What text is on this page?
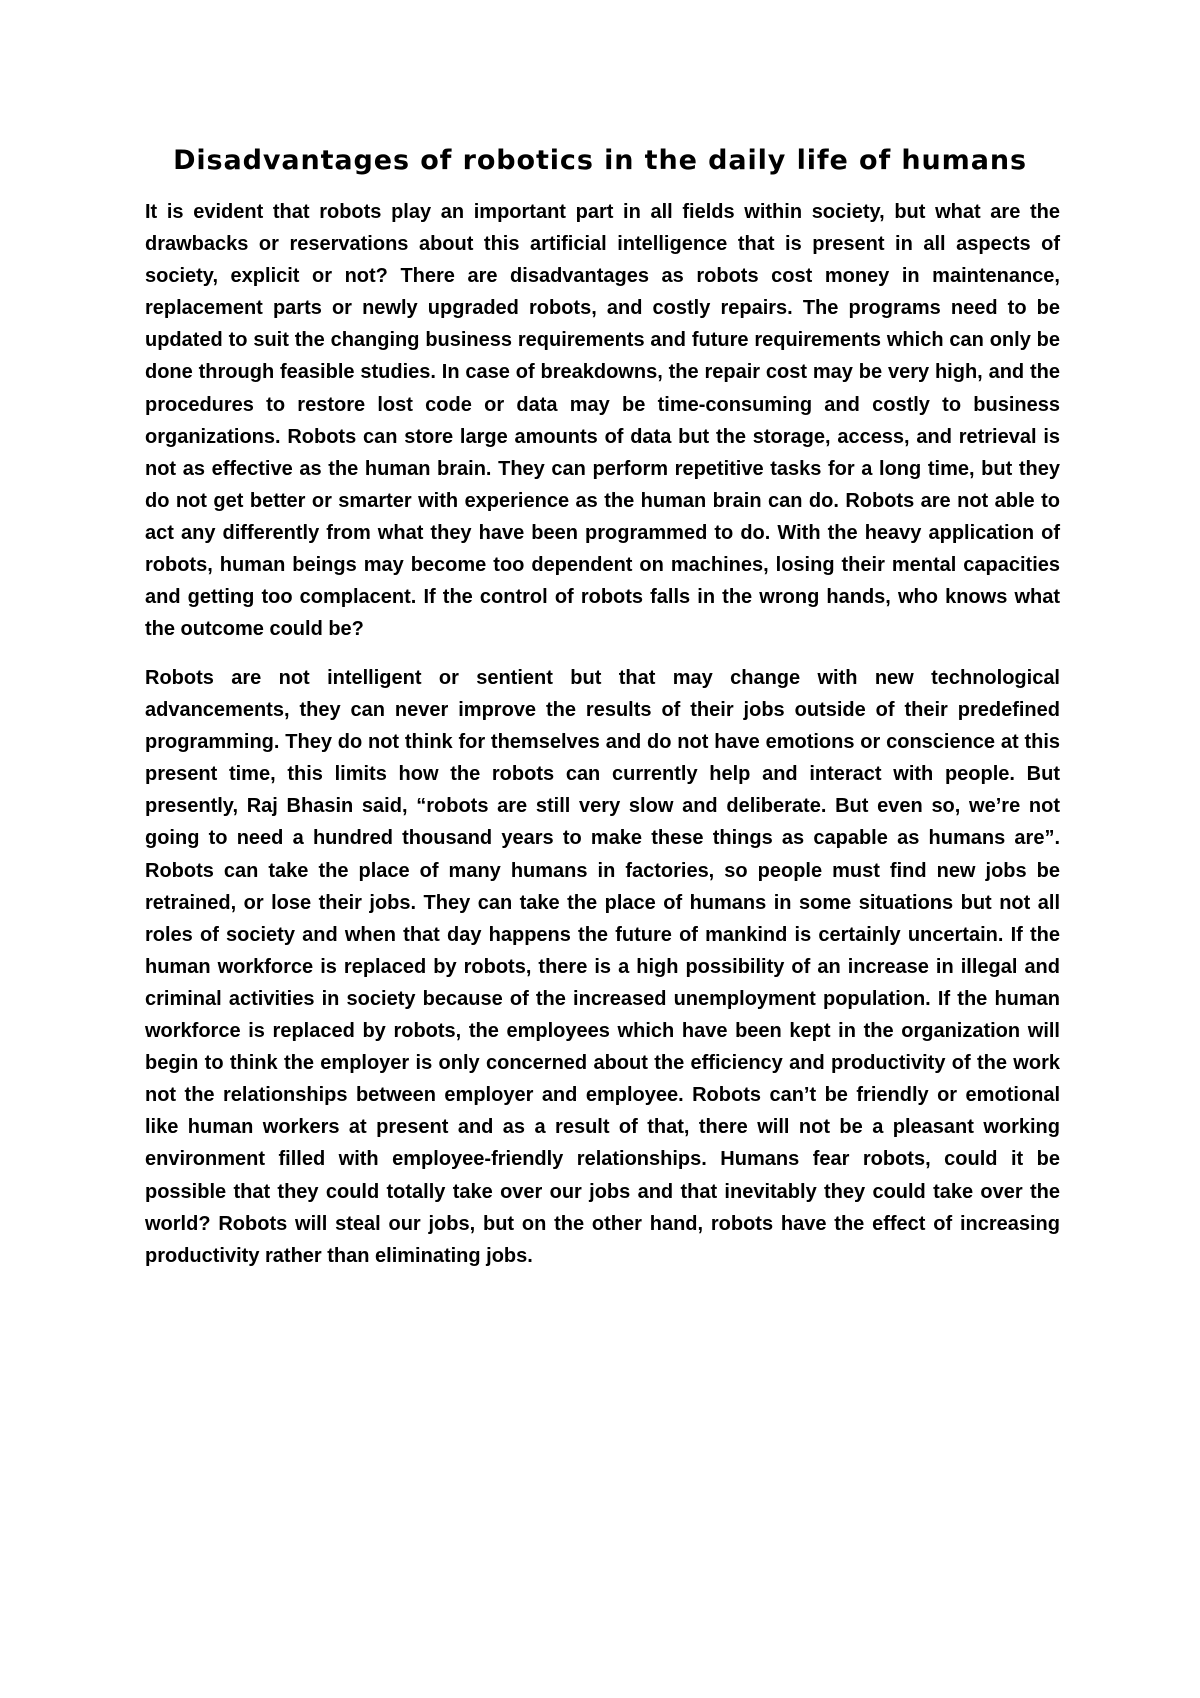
Disadvantages of robotics in the daily life of humans

It is evident that robots play an important part in all fields within society, but what are the drawbacks or reservations about this artificial intelligence that is present in all aspects of society, explicit or not? There are disadvantages as robots cost money in maintenance, replacement parts or newly upgraded robots, and costly repairs. The programs need to be updated to suit the changing business requirements and future requirements which can only be done through feasible studies. In case of breakdowns, the repair cost may be very high, and the procedures to restore lost code or data may be time-consuming and costly to business organizations. Robots can store large amounts of data but the storage, access, and retrieval is not as effective as the human brain. They can perform repetitive tasks for a long time, but they do not get better or smarter with experience as the human brain can do. Robots are not able to act any differently from what they have been programmed to do. With the heavy application of robots, human beings may become too dependent on machines, losing their mental capacities and getting too complacent. If the control of robots falls in the wrong hands, who knows what the outcome could be?

Robots are not intelligent or sentient but that may change with new technological advancements, they can never improve the results of their jobs outside of their predefined programming. They do not think for themselves and do not have emotions or conscience at this present time, this limits how the robots can currently help and interact with people. But presently, Raj Bhasin said, “robots are still very slow and deliberate. But even so, we’re not going to need a hundred thousand years to make these things as capable as humans are”. Robots can take the place of many humans in factories, so people must find new jobs be retrained, or lose their jobs. They can take the place of humans in some situations but not all roles of society and when that day happens the future of mankind is certainly uncertain. If the human workforce is replaced by robots, there is a high possibility of an increase in illegal and criminal activities in society because of the increased unemployment population. If the human workforce is replaced by robots, the employees which have been kept in the organization will begin to think the employer is only concerned about the efficiency and productivity of the work not the relationships between employer and employee. Robots can’t be friendly or emotional like human workers at present and as a result of that, there will not be a pleasant working environment filled with employee-friendly relationships. Humans fear robots, could it be possible that they could totally take over our jobs and that inevitably they could take over the world? Robots will steal our jobs, but on the other hand, robots have the effect of increasing productivity rather than eliminating jobs.
